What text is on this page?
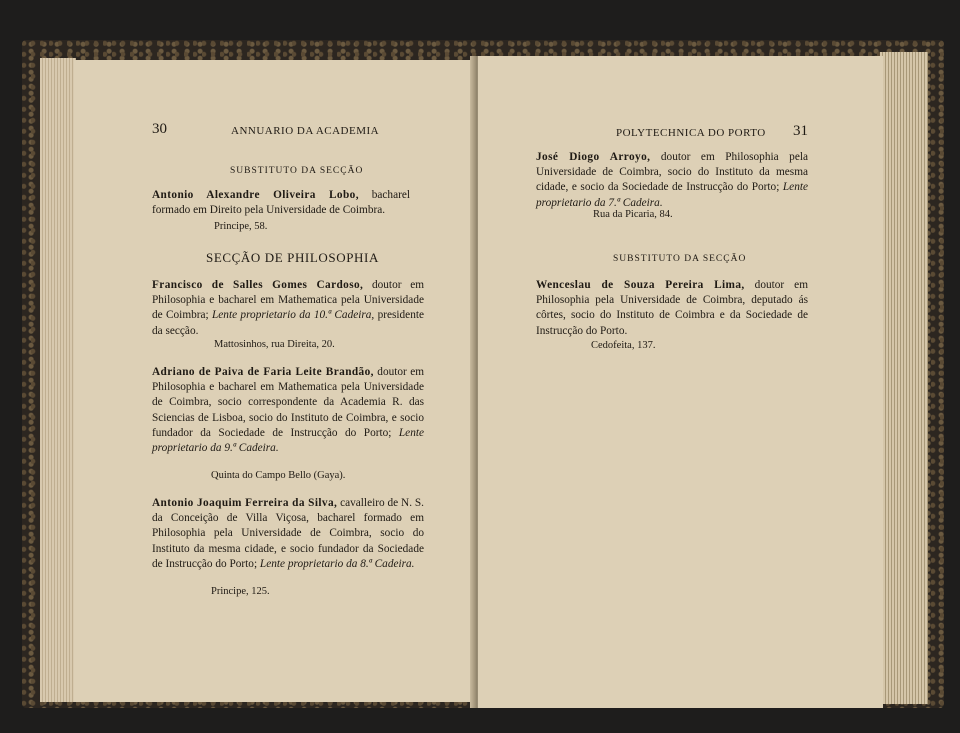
30	ANNUARIO DA ACADEMIA
SUBSTITUTO DA SECÇÃO

Antonio Alexandre Oliveira Lobo, bacharel formado em Direito pela Universidade de Coimbra.

Principe, 58.
SECÇÃO DE PHILOSOPHIA

Francisco de Salles Gomes Cardoso, doutor em Philosophia e bacharel em Mathematica pela Universidade de Coimbra; Lente proprietario da 10.ª Cadeira, presidente da secção.

Mattosinhos, rua Direita, 20.

Adriano de Paiva de Faria Leite Brandão, doutor em Philosophia e bacharel em Mathematica pela Universidade de Coimbra, socio correspondente da Academia R. das Sciencias de Lisboa, socio do Instituto de Coimbra, e socio fundador da Sociedade de Instrucção do Porto; Lente proprietario da 9.ª Cadeira.

Quinta do Campo Bello (Gaya).

Antonio Joaquim Ferreira da Silva, cavalleiro de N. S. da Conceição de Villa Viçosa, bacharel formado em Philosophia pela Universidade de Coimbra, socio do Instituto da mesma cidade, e socio fundador da Sociedade de Instrucção do Porto; Lente proprietario da 8.ª Cadeira.

Principe, 125.
POLYTECHNICA DO PORTO 31

José Diogo Arroyo, doutor em Philosophia pela Universidade de Coimbra, socio do Instituto da mesma cidade, e socio da Sociedade de Instrucção do Porto; Lente proprietario da 7.ª Cadeira.

Rua da Picaria, 84.
SUBSTITUTO DA SECÇÃO

Wenceslau de Souza Pereira Lima, doutor em Philosophia pela Universidade de Coimbra, deputado ás côrtes, socio do Instituto de Coimbra e da Sociedade de Instrucção do Porto.

Cedofeita, 137.
